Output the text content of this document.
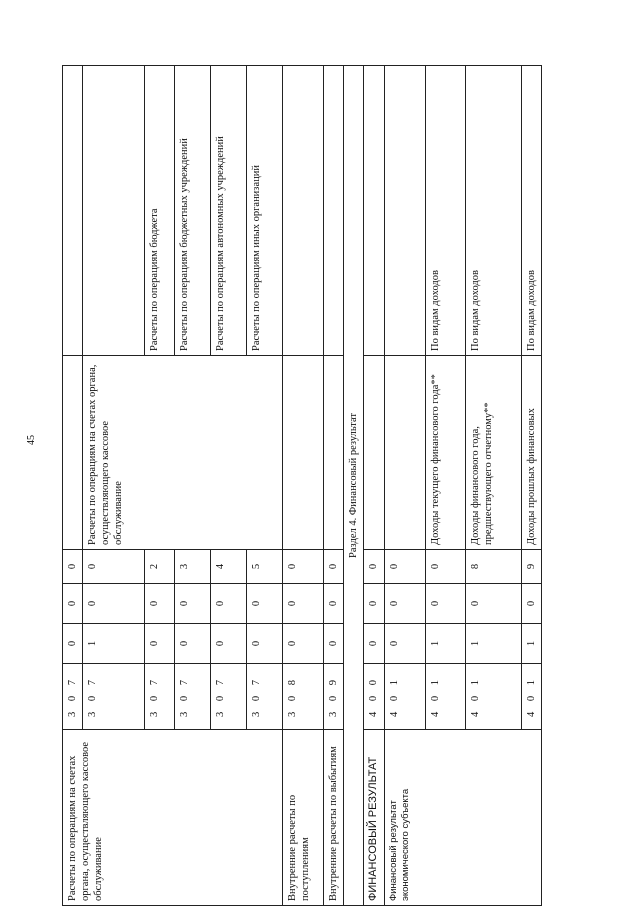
45
Расчеты по операциям на счетах органа, осуществляющего кассовое обслуживание	3 0 7	0	0	0		
	3 0 7	1	0	0	Расчеты по операциям на счетах органа, осуществляющего кассовое обслуживание	
	3 0 7	0	0	2		Расчеты по операциям бюджета
	3 0 7	0	0	3		Расчеты по операциям бюджетных учреждений
	3 0 7	0	0	4		Расчеты по операциям автономных учреждений
	3 0 7	0	0	5		Расчеты по операциям иных организаций
Внутренние расчеты по поступлениям	3 0 8	0	0	0		
Внутренние расчеты по выбытиям	3 0 9	0	0	0		
Раздел 4. Финансовый результат						
ФИНАНСОВЫЙ РЕЗУЛЬТАТ	4 0 0	0	0	0		
Финансовый результат экономического субъекта	4 0 1	0	0	0		
	4 0 1	1	0	0	Доходы текущего финансового года**	По видам доходов
	4 0 1	1	0	8	Доходы финансового года, предшествующего отчетному**	По видам доходов
	4 0 1	1	0	9	Доходы прошлых финансовых	По видам доходов
